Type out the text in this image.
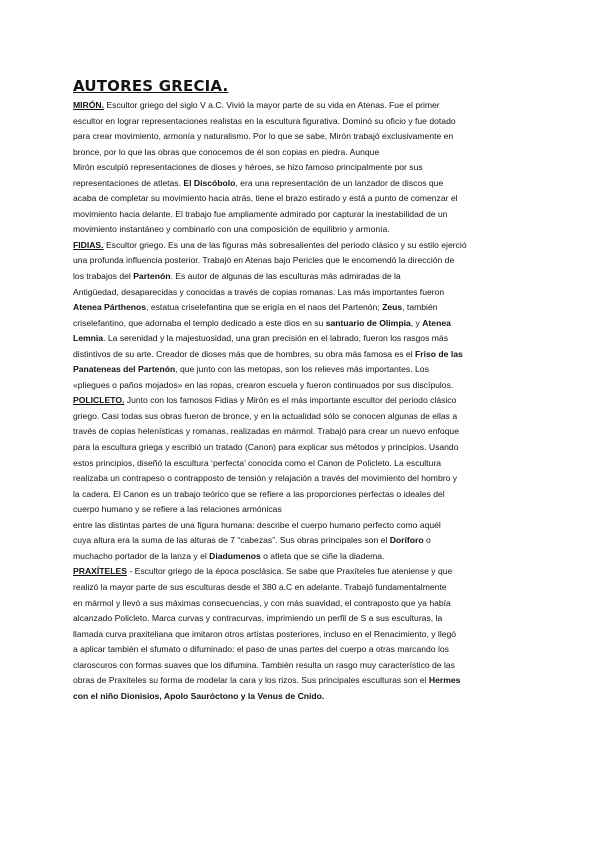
AUTORES GRECIA.
MIRÓN. Escultor griego del siglo V a.C. Vivió la mayor parte de su vida en Atenas. Fue el primer
escultor en lograr representaciones realistas en la escultura figurativa. Dominó su oficio y fue dotado
para crear movimiento, armonía y naturalismo. Por lo que se sabe, Mirón trabajó exclusivamente en
bronce, por lo que las obras que conocemos de él son copias en piedra. Aunque
Mirón esculpió representaciones de dioses y héroes, se hizo famoso principalmente por sus
representaciones de atletas. El Discóbolo, era una representación de un lanzador de discos que
acaba de completar su movimiento hacia atrás, tiene el brazo estirado y está a punto de comenzar el
movimiento hacia delante. El trabajo fue ampliamente admirado por capturar la inestabilidad de un
movimiento instantáneo y combinarlo con una composición de equilibrio y armonía.
FIDIAS. Escultor griego. Es una de las figuras más sobresalientes del periodo clásico y su estilo ejerció
una profunda influencia posterior. Trabajó en Atenas bajo Pericles que le encomendó la dirección de
los trabajos del Partenón. Es autor de algunas de las esculturas más admiradas de la
Antigüedad, desaparecidas y conocidas a través de copias romanas. Las más importantes fueron
Atenea Párthenos, estatua criselefantina que se erigía en el naos del Partenón; Zeus, también
criselefantino, que adornaba el templo dedicado a este dios en su santuario de Olimpia, y Atenea
Lemnia. La serenidad y la majestuosidad, una gran precisión en el labrado, fueron los rasgos más
distintivos de su arte. Creador de dioses más que de hombres, su obra más famosa es el Friso de las
Panateneas del Partenón, que junto con las metopas, son los relieves más importantes. Los
«pliegues o paños mojados» en las ropas, crearon escuela y fueron continuados por sus discípulos.
POLICLETO. Junto con los famosos Fidias y Mirón es el más importante escultor del periodo clásico
griego. Casi todas sus obras fueron de bronce, y en la actualidad sólo se conocen algunas de ellas a
través de copias helenísticas y romanas, realizadas en mármol. Trabajó para crear un nuevo enfoque
para la escultura griega y escribió un tratado (Canon) para explicar sus métodos y principios. Usando
estos principios, diseñó la escultura ‘perfecta’ conocida como el Canon de Policleto. La escultura
realizaba un contrapeso o contrapposto de tensión y relajación a través del movimiento del hombro y
la cadera. El Canon es un trabajo teórico que se refiere a las proporciones perfectas o ideales del
cuerpo humano y se refiere a las relaciones armónicas
entre las distintas partes de una figura humana: describe el cuerpo humano perfecto como aquél
cuya altura era la suma de las alturas de 7 “cabezas”. Sus obras principales son el Doríforo o
muchacho portador de la lanza y el Diadumenos o atleta que se ciñe la diadema.
PRAXÍTELES - Escultor griego de la época posclásica. Se sabe que Praxíteles fue ateniense y que
realizó la mayor parte de sus esculturas desde el 380 a.C en adelante. Trabajó fundamentalmente
en mármol y llevó a sus máximas consecuencias, y con más suavidad, el contraposto que ya había
alcanzado Policleto. Marca curvas y contracurvas, imprimiendo un perfil de S a sus esculturas, la
llamada curva praxiteliana que imitaron otros artistas posteriores, incluso en el Renacimiento, y llegó
a aplicar también el sfumato o difuminado: el paso de unas partes del cuerpo a otras marcando los
claroscuros con formas suaves que los difumina. También resulta un rasgo muy característico de las
obras de Praxiteles su forma de modelar la cara y los rizos. Sus principales esculturas son el Hermes
con el niño Dionisios, Apolo Sauróctono y la Venus de Cnido.
